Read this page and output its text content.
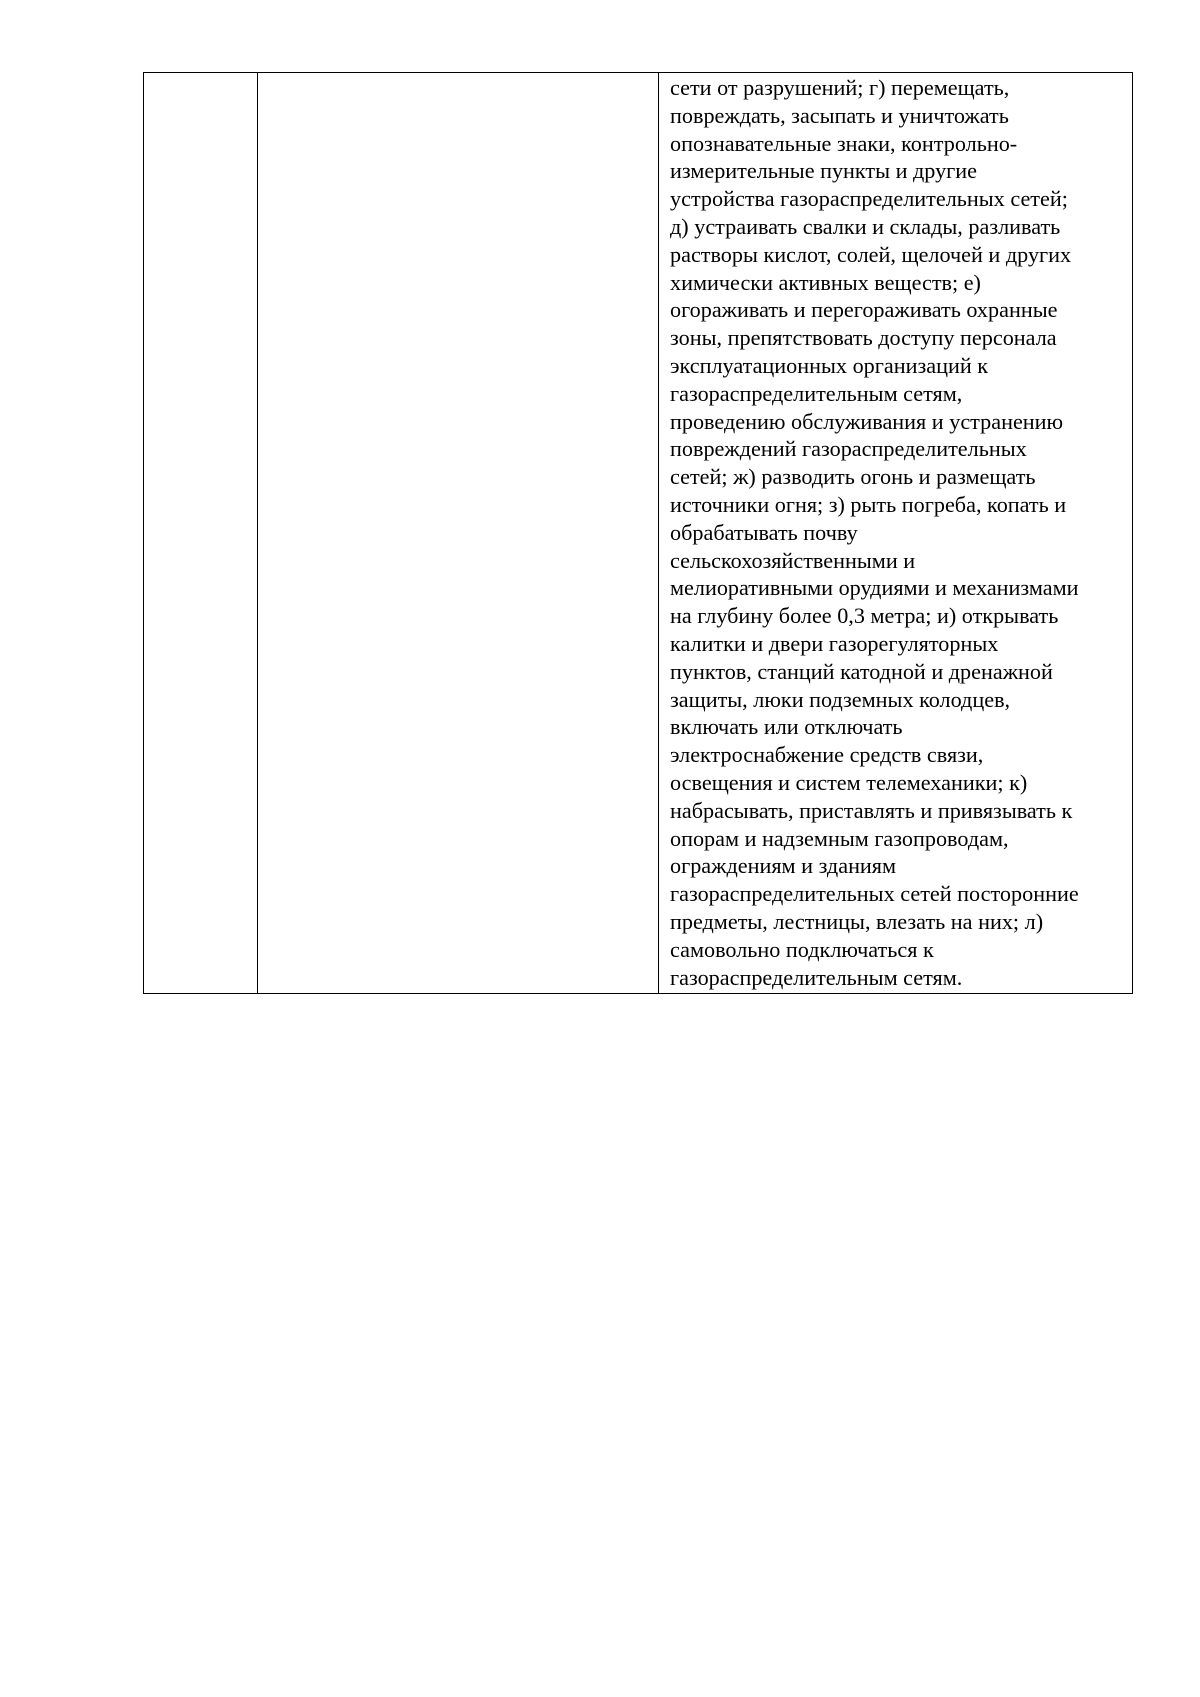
сети от разрушений; г) перемещать,
повреждать, засыпать и уничтожать
опознавательные знаки, контрольно-
измерительные пункты и другие
устройства газораспределительных сетей;
д) устраивать свалки и склады, разливать
растворы кислот, солей, щелочей и других
химически активных веществ; е)
огораживать и перегораживать охранные
зоны, препятствовать доступу персонала
эксплуатационных организаций к
газораспределительным сетям,
проведению обслуживания и устранению
повреждений газораспределительных
сетей; ж) разводить огонь и размещать
источники огня; з) рыть погреба, копать и
обрабатывать почву
сельскохозяйственными и
мелиоративными орудиями и механизмами
на глубину более 0,3 метра; и) открывать
калитки и двери газорегуляторных
пунктов, станций катодной и дренажной
защиты, люки подземных колодцев,
включать или отключать
электроснабжение средств связи,
освещения и систем телемеханики; к)
набрасывать, приставлять и привязывать к
опорам и надземным газопроводам,
ограждениям и зданиям
газораспределительных сетей посторонние
предметы, лестницы, влезать на них; л)
самовольно подключаться к
газораспределительным сетям.
